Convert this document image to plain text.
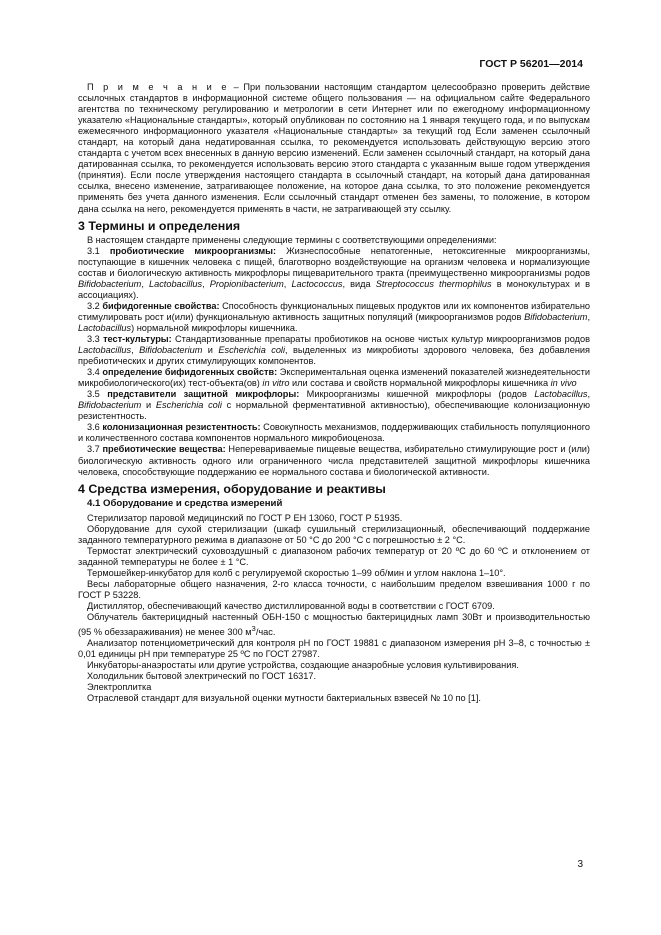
ГОСТ Р 56201—2014

П р и м е ч а н и е – При пользовании настоящим стандартом целесообразно проверить действие ссылочных стандартов в информационной системе общего пользования — на официальном сайте Федерального агентства по техническому регулированию и метрологии в сети Интернет или по ежегодному информационному указателю «Национальные стандарты», который опубликован по состоянию на 1 января текущего года, и по выпускам ежемесячного информационного указателя «Национальные стандарты» за текущий год Если заменен ссылочный стандарт, на который дана недатированная ссылка, то рекомендуется использовать действующую версию этого стандарта с учетом всех внесенных в данную версию изменений. Если заменен ссылочный стандарт, на который дана датированная ссылка, то рекомендуется использовать версию этого стандарта с указанным выше годом утверждения (принятия). Если после утверждения настоящего стандарта в ссылочный стандарт, на который дана датированная ссылка, внесено изменение, затрагивающее положение, на которое дана ссылка, то это положение рекомендуется применять без учета данного изменения. Если ссылочный стандарт отменен без замены, то положение, в котором дана ссылка на него, рекомендуется применять в части, не затрагивающей эту ссылку.

3 Термины и определения

В настоящем стандарте применены следующие термины с соответствующими определениями:

3.1 пробиотические микроорганизмы: Жизнеспособные непатогенные, нетоксигенные микроорганизмы, поступающие в кишечник человека с пищей, благотворно воздействующие на организм человека и нормализующие состав и биологическую активность микрофлоры пищеварительного тракта (преимущественно микроорганизмы родов Bifidobacterium, Lactobacillus, Propionibacterium, Lactococcus, вида Streptococcus thermophilus в монокультурах и в ассоциациях).

3.2 бифидогенные свойства: Способность функциональных пищевых продуктов или их компонентов избирательно стимулировать рост и(или) функциональную активность защитных популяций (микроорганизмов родов Bifidobacterium, Lactobacillus) нормальной микрофлоры кишечника.

3.3 тест-культуры: Стандартизованные препараты пробиотиков на основе чистых культур микроорганизмов родов Lactobacillus, Bifidobacterium и Escherichia coli, выделенных из микробиоты здорового человека, без добавления пребиотических и других стимулирующих компонентов.

3.4 определение бифидогенных свойств: Экспериментальная оценка изменений показателей жизнедеятельности микробиологического(их) тест-объекта(ов) in vitro или состава и свойств нормальной микрофлоры кишечника in vivo

3.5 представители защитной микрофлоры: Микроорганизмы кишечной микрофлоры (родов Lactobacillus, Bifidobacterium и Escherichia coli с нормальной ферментативной активностью), обеспечивающие колонизационную резистентность.

3.6 колонизационная резистентность: Совокупность механизмов, поддерживающих стабильность популяционного и количественного состава компонентов нормального микробиоценоза.

3.7 пребиотические вещества: Неперевариваемые пищевые вещества, избирательно стимулирующие рост и (или) биологическую активность одного или ограниченного числа представителей защитной микрофлоры кишечника человека, способствующие поддержанию ее нормального состава и биологической активности.

4 Средства измерения, оборудование и реактивы
4.1 Оборудование и средства измерений

Стерилизатор паровой медицинский по ГОСТ Р ЕН 13060, ГОСТ Р 51935.

Оборудование для сухой стерилизации (шкаф сушильный стерилизационный, обеспечивающий поддержание заданного температурного режима в диапазоне от 50 °С до 200 °С с погрешностью ± 2 °С.

Термостат электрический суховоздушный с диапазоном рабочих температур от 20 ºС до 60 ºС и отклонением от заданной температуры не более ± 1 °С.

Термошейкер-инкубатор для колб с регулируемой скоростью 1–99 об/мин и углом наклона 1–10°.

Весы лабораторные общего назначения, 2-го класса точности, с наибольшим пределом взвешивания 1000 г по ГОСТ Р 53228.

Дистиллятор, обеспечивающий качество дистиллированной воды в соответствии с ГОСТ 6709.

Облучатель бактерицидный настенный ОБН-150 с мощностью бактерицидных ламп 30Вт и производительностью (95 % обеззараживания) не менее 300 $м^3$/час.

Анализатор потенциометрический для контроля рН по ГОСТ 19881 с диапазоном измерения рН 3–8, с точностью ± 0,01 единицы рН при температуре 25 ºС по ГОСТ 27987.

Инкубаторы-анаэростаты или другие устройства, создающие анаэробные условия культивирования.

Холодильник бытовой электрический по ГОСТ 16317.

Электроплитка

Отраслевой стандарт для визуальной оценки мутности бактериальных взвесей № 10 по [1].

3
